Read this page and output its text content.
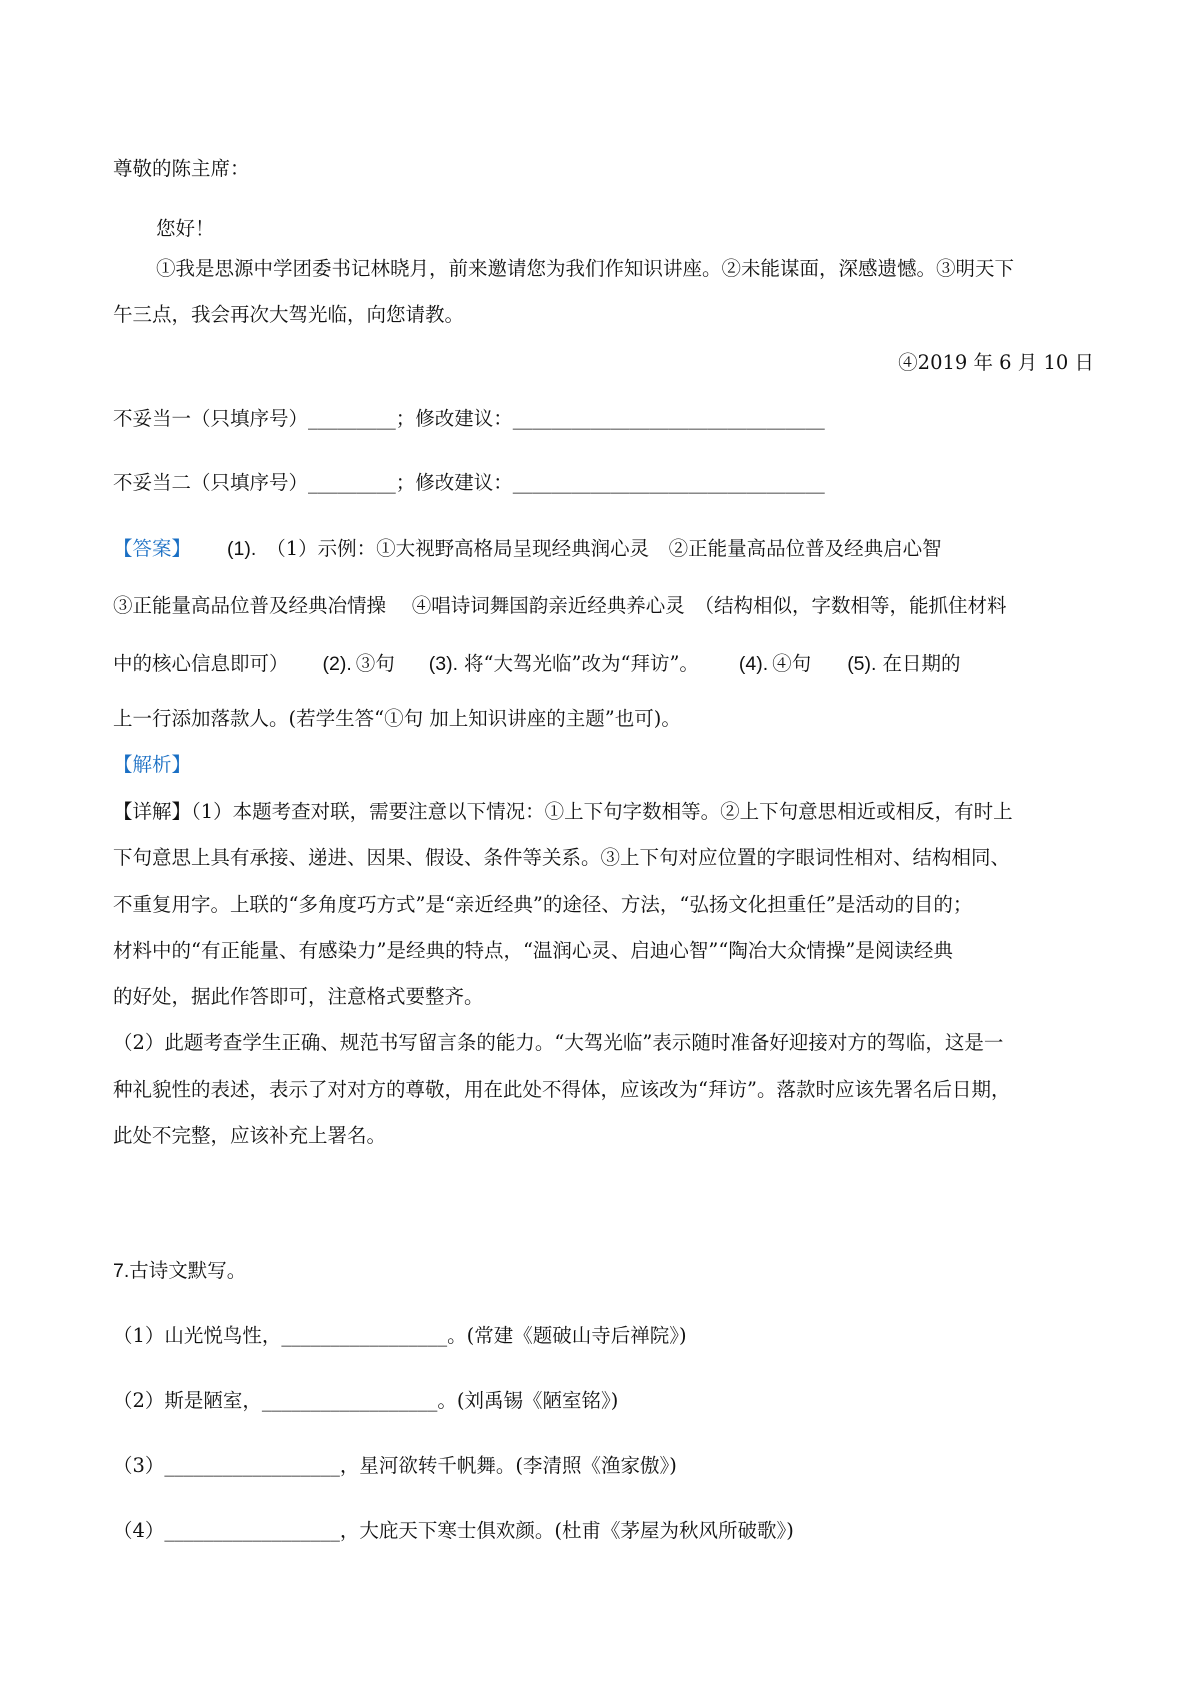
尊敬的陈主席：

您好！

①我是思源中学团委书记林晓月，前来邀请您为我们作知识讲座。②未能谋面，深感遗憾。③明天下

午三点，我会再次大驾光临，向您请教。

④2019 年 6 月 10 日

不妥当一（只填序号）_________；修改建议：________________________________

不妥当二（只填序号）_________；修改建议：________________________________

【答案】 (1). （1）示例：①大视野高格局呈现经典润心灵　②正能量高品位普及经典启心智

③正能量高品位普及经典冶情操　 ④唱诗词舞国韵亲近经典养心灵　（结构相似，字数相等，能抓住材料

中的核心信息即可） (2). ③句 (3). 将“大驾光临”改为“拜访”。 (4). ④句 (5). 在日期的

上一行添加落款人。(若学生答“①句 加上知识讲座的主题”也可)。

【解析】

【详解】（1）本题考查对联，需要注意以下情况：①上下句字数相等。②上下句意思相近或相反，有时上

下句意思上具有承接、递进、因果、假设、条件等关系。③上下句对应位置的字眼词性相对、结构相同、

不重复用字。上联的“多角度巧方式”是“亲近经典”的途径、方法，“弘扬文化担重任”是活动的目的；

材料中的“有正能量、有感染力”是经典的特点，“温润心灵、启迪心智”“陶冶大众情操”是阅读经典

的好处，据此作答即可，注意格式要整齐。

（2）此题考查学生正确、规范书写留言条的能力。“大驾光临”表示随时准备好迎接对方的驾临，这是一

种礼貌性的表述，表示了对对方的尊敬，用在此处不得体，应该改为“拜访”。落款时应该先署名后日期，

此处不完整，应该补充上署名。

7.古诗文默写。

（1）山光悦鸟性，_________________。(常建《题破山寺后禅院》)

（2）斯是陋室，__________________。(刘禹锡《陋室铭》)

（3）__________________，星河欲转千帆舞。(李清照《渔家傲》)

（4）__________________，大庇天下寒士俱欢颜。(杜甫《茅屋为秋风所破歌》)
